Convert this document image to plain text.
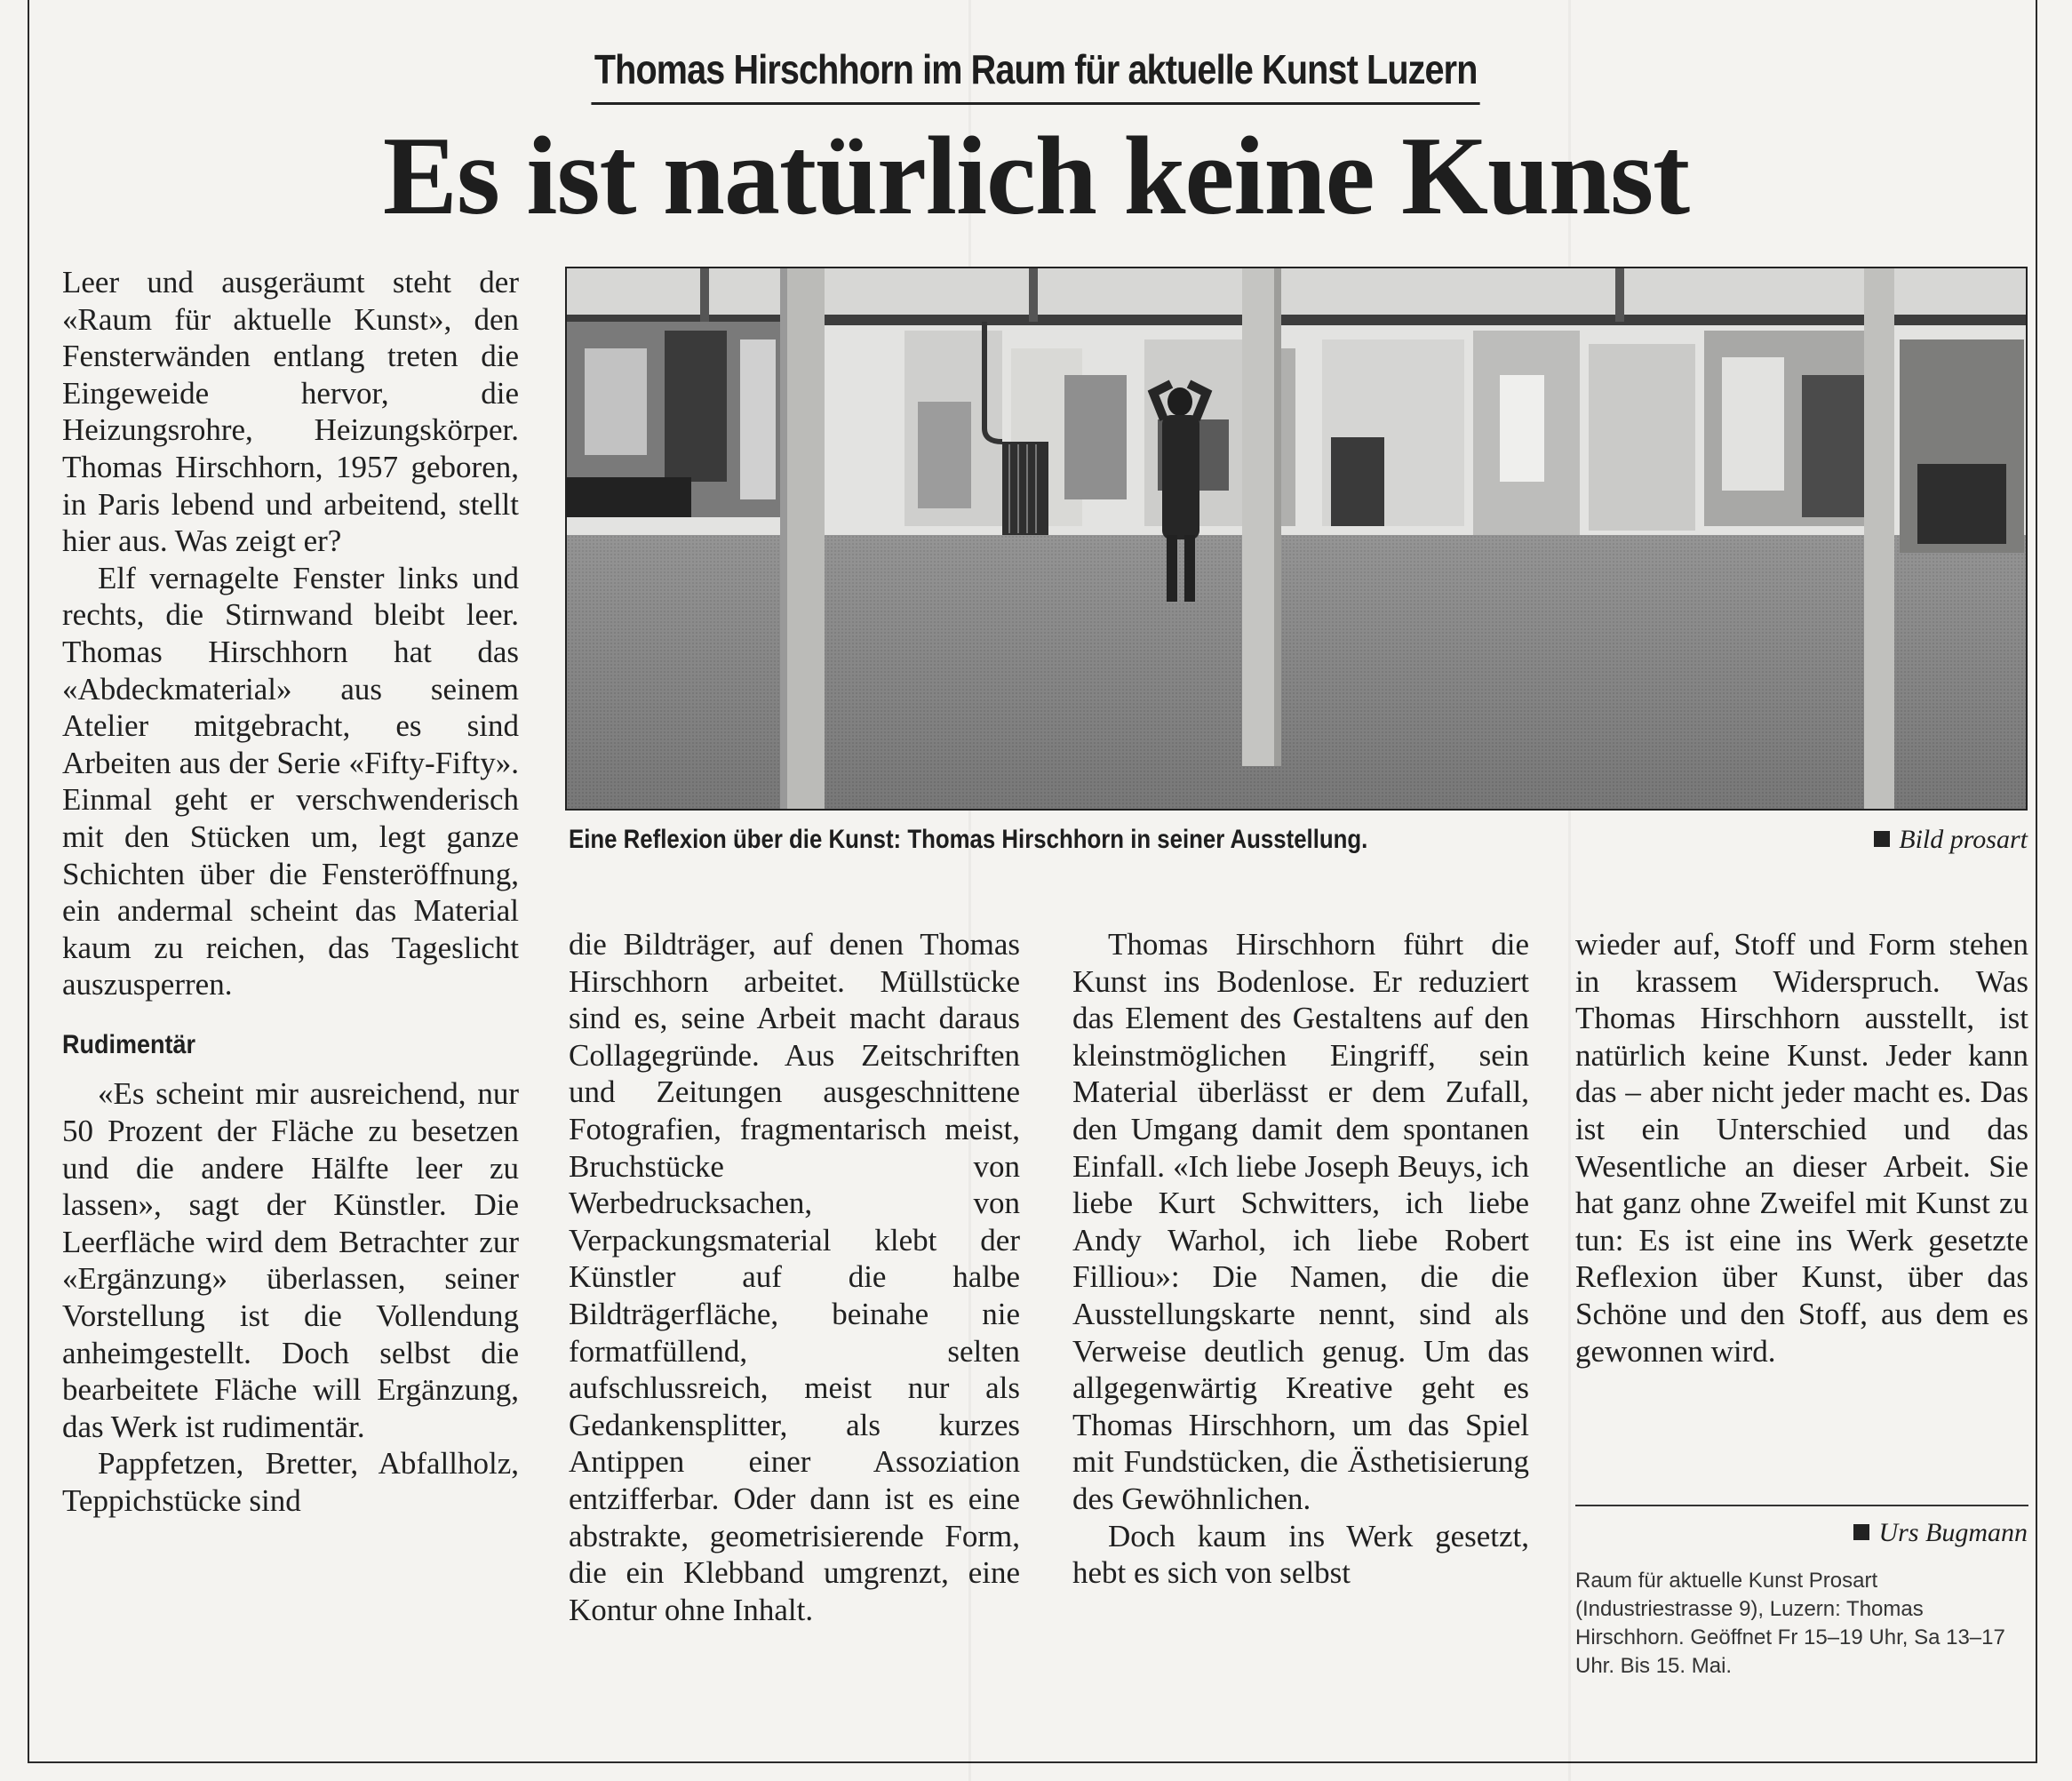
Thomas Hirschhorn im Raum für aktuelle Kunst Luzern
Es ist natürlich keine Kunst

Leer und ausgeräumt steht der «Raum für aktuelle Kunst», den Fensterwänden entlang treten die Eingeweide hervor, die Heizungsrohre, Heizungskörper. Thomas Hirschhorn, 1957 geboren, in Paris lebend und arbeitend, stellt hier aus. Was zeigt er?

Elf vernagelte Fenster links und rechts, die Stirnwand bleibt leer. Thomas Hirschhorn hat das «Abdeckmaterial» aus seinem Atelier mitgebracht, es sind Arbeiten aus der Serie «Fifty-Fifty». Einmal geht er verschwenderisch mit den Stücken um, legt ganze Schichten über die Fensteröffnung, ein andermal scheint das Material kaum zu reichen, das Tageslicht auszusperren.

Rudimentär

«Es scheint mir ausreichend, nur 50 Prozent der Fläche zu besetzen und die andere Hälfte leer zu lassen», sagt der Künstler. Die Leerfläche wird dem Betrachter zur «Ergänzung» überlassen, seiner Vorstellung ist die Vollendung anheimgestellt. Doch selbst die bearbeitete Fläche will Ergänzung, das Werk ist rudimentär.

Pappfetzen, Bretter, Abfallholz, Teppichstücke sind

Eine Reflexion über die Kunst: Thomas Hirschhorn in seiner Ausstellung.	Bild prosart

die Bildträger, auf denen Thomas Hirschhorn arbeitet. Müllstücke sind es, seine Arbeit macht daraus Collagegründe. Aus Zeitschriften und Zeitungen ausgeschnittene Fotografien, fragmentarisch meist, Bruchstücke von Werbedrucksachen, von Verpackungsmaterial klebt der Künstler auf die halbe Bildträgerfläche, beinahe nie formatfüllend, selten aufschlussreich, meist nur als Gedankensplitter, als kurzes Antippen einer Assoziation entzifferbar. Oder dann ist es eine abstrakte, geometrisierende Form, die ein Klebband umgrenzt, eine Kontur ohne Inhalt.

Thomas Hirschhorn führt die Kunst ins Bodenlose. Er reduziert das Element des Gestaltens auf den kleinstmöglichen Eingriff, sein Material überlässt er dem Zufall, den Umgang damit dem spontanen Einfall. «Ich liebe Joseph Beuys, ich liebe Kurt Schwitters, ich liebe Andy Warhol, ich liebe Robert Filliou»: Die Namen, die die Ausstellungskarte nennt, sind als Verweise deutlich genug. Um das allgegenwärtig Kreative geht es Thomas Hirschhorn, um das Spiel mit Fundstücken, die Ästhetisierung des Gewöhnlichen.

Doch kaum ins Werk gesetzt, hebt es sich von selbst

wieder auf, Stoff und Form stehen in krassem Widerspruch. Was Thomas Hirschhorn ausstellt, ist natürlich keine Kunst. Jeder kann das – aber nicht jeder macht es. Das ist ein Unterschied und das Wesentliche an dieser Arbeit. Sie hat ganz ohne Zweifel mit Kunst zu tun: Es ist eine ins Werk gesetzte Reflexion über Kunst, über das Schöne und den Stoff, aus dem es gewonnen wird.

Urs Bugmann
Raum für aktuelle Kunst Prosart (Industriestrasse 9), Luzern: Thomas Hirschhorn. Geöffnet Fr 15–19 Uhr, Sa 13–17 Uhr. Bis 15. Mai.
